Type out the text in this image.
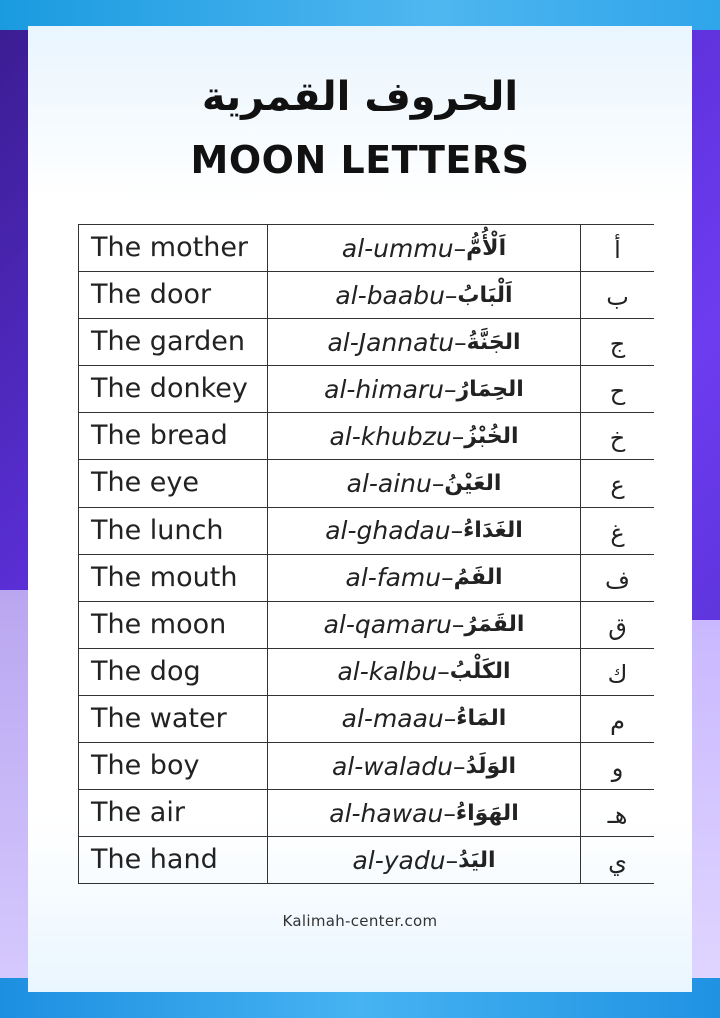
الحروف القمرية
MOON LETTERS
The mother	al-ummu – اَلْأُمُّ	أ
The door	al-baabu – اَلْبَابُ	ب
The garden	al-Jannatu – الجَنَّةُ	ج
The donkey	al-himaru – الحِمَارُ	ح
The bread	al-khubzu – الخُبْزُ	خ
The eye	al-ainu – العَيْنُ	ع
The lunch	al-ghadau – الغَدَاءُ	غ
The mouth	al-famu – الفَمُ	ف
The moon	al-qamaru – القَمَرُ	ق
The dog	al-kalbu – الكَلْبُ	ك
The water	al-maau – المَاءُ	م
The boy	al-waladu – الوَلَدُ	و
The air	al-hawau – الهَوَاءُ	هـ
The hand	al-yadu – اليَدُ	ي
Kalimah-center.com
